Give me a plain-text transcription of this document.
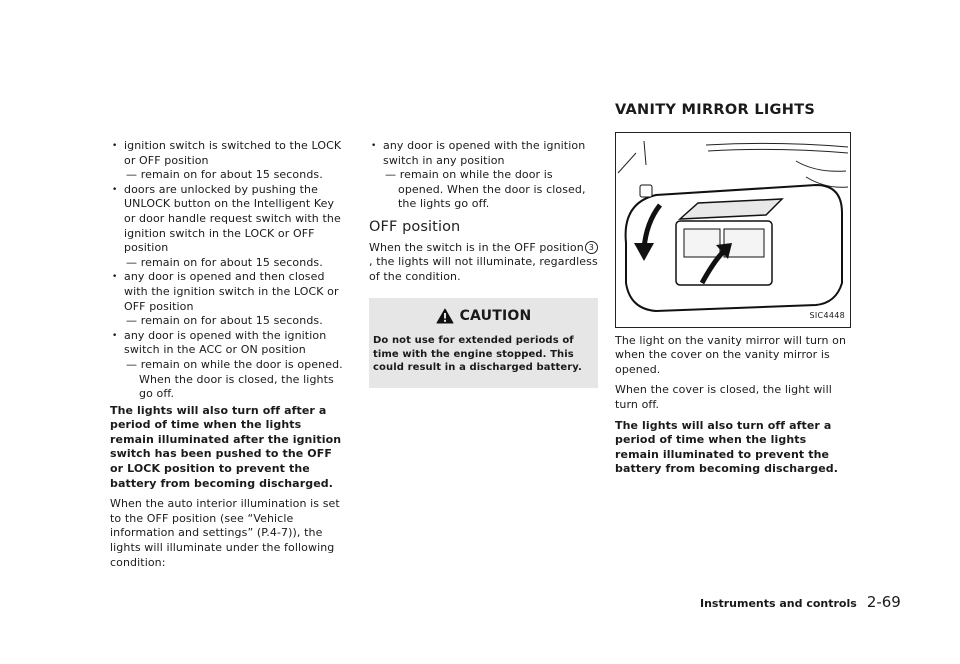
• ignition switch is switched to the LOCK or OFF position

— remain on for about 15 seconds.

• doors are unlocked by pushing the UNLOCK button on the Intelligent Key or door handle request switch with the ignition switch in the LOCK or OFF position

— remain on for about 15 seconds.

• any door is opened and then closed with the ignition switch in the LOCK or OFF position

— remain on for about 15 seconds.

• any door is opened with the ignition switch in the ACC or ON position

— remain on while the door is opened. When the door is closed, the lights go off.

The lights will also turn off after a period of time when the lights remain illuminated after the ignition switch has been pushed to the OFF or LOCK position to prevent the battery from becoming discharged.

When the auto interior illumination is set to the OFF position (see “Vehicle information and settings” (P.4-7)), the lights will illuminate under the following condition:

• any door is opened with the ignition switch in any position

— remain on while the door is opened. When the door is closed, the lights go off.

OFF position

When the switch is in the OFF position 3, the lights will not illuminate, regardless of the condition.

CAUTION
Do not use for extended periods of time with the engine stopped. This could result in a discharged battery.
VANITY MIRROR LIGHTS
SIC4448

The light on the vanity mirror will turn on when the cover on the vanity mirror is opened.

When the cover is closed, the light will turn off.

The lights will also turn off after a period of time when the lights remain illuminated to prevent the battery from becoming discharged.

Instruments and controls 2-69
